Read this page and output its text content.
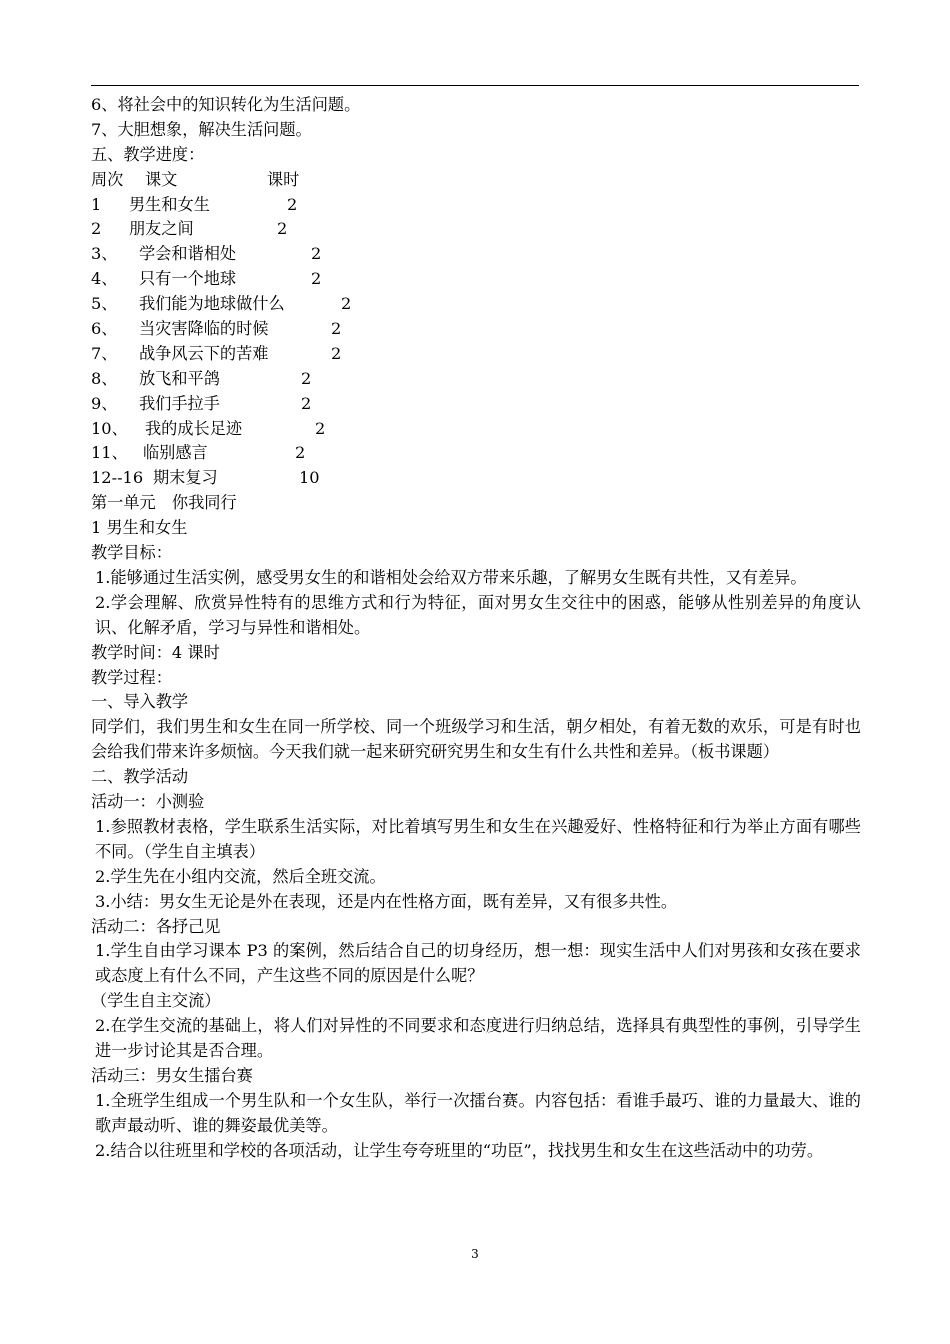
6、将社会中的知识转化为生活问题。
7、大胆想象，解决生活问题。
五、教学进度：
周次	课文	课时
1	男生和女生	2
2	朋友之间	2
3、	学会和谐相处	2
4、	只有一个地球	2
5、	我们能为地球做什么	2
6、	当灾害降临的时候	2
7、	战争风云下的苦难	2
8、	放飞和平鸽	2
9、	我们手拉手	2
10、	我的成长足迹	2
11、 临别感言	2
12--16 期末复习	10
第一单元　你我同行
1 男生和女生
教学目标：
1.能够通过生活实例，感受男女生的和谐相处会给双方带来乐趣，了解男女生既有共性，又有差异。
2.学会理解、欣赏异性特有的思维方式和行为特征，面对男女生交往中的困惑，能够从性别差异的角度认识、化解矛盾，学习与异性和谐相处。
教学时间：4 课时
教学过程：
一、导入教学
同学们，我们男生和女生在同一所学校、同一个班级学习和生活，朝夕相处，有着无数的欢乐，可是有时也会给我们带来许多烦恼。今天我们就一起来研究研究男生和女生有什么共性和差异。（板书课题）
二、教学活动
活动一：小测验
1.参照教材表格，学生联系生活实际，对比着填写男生和女生在兴趣爱好、性格特征和行为举止方面有哪些不同。（学生自主填表）
2.学生先在小组内交流，然后全班交流。
3.小结：男女生无论是外在表现，还是内在性格方面，既有差异，又有很多共性。
活动二：各抒己见
1.学生自由学习课本 P3 的案例，然后结合自己的切身经历，想一想：现实生活中人们对男孩和女孩在要求或态度上有什么不同，产生这些不同的原因是什么呢？
（学生自主交流）
2.在学生交流的基础上，将人们对异性的不同要求和态度进行归纳总结，选择具有典型性的事例，引导学生进一步讨论其是否合理。
活动三：男女生擂台赛
1.全班学生组成一个男生队和一个女生队，举行一次擂台赛。内容包括：看谁手最巧、谁的力量最大、谁的歌声最动听、谁的舞姿最优美等。
2.结合以往班里和学校的各项活动，让学生夸夸班里的“功臣”，找找男生和女生在这些活动中的功劳。
3
